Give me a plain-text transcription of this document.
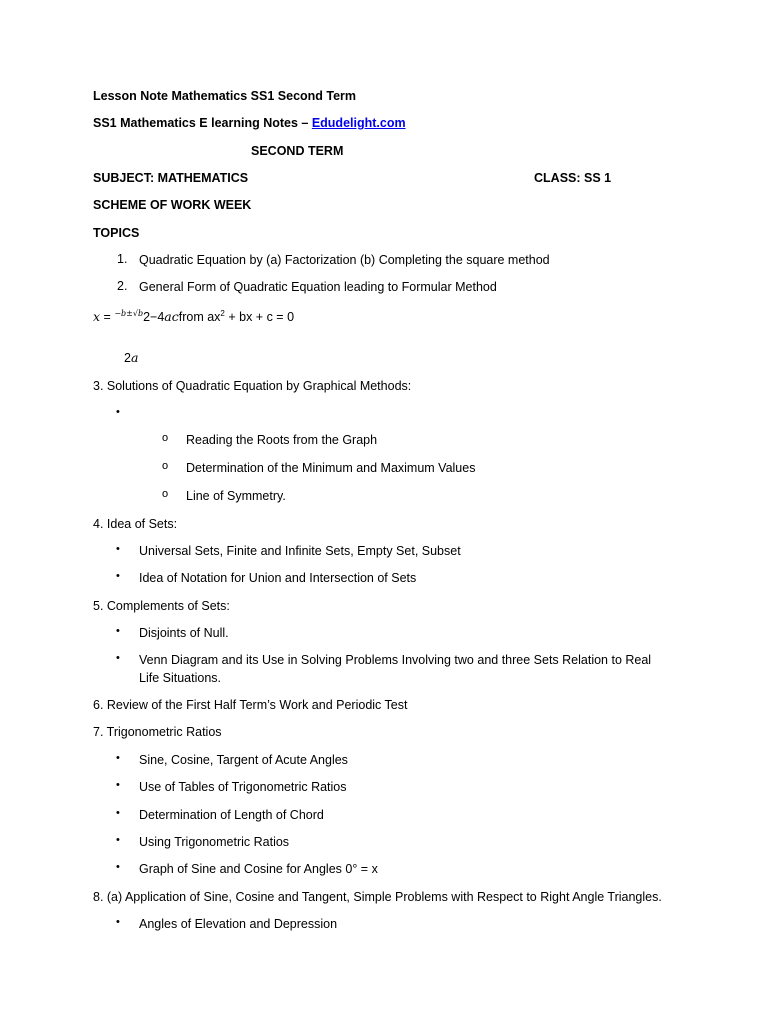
Lesson Note Mathematics SS1 Second Term
SS1 Mathematics E learning Notes – Edudelight.com
SECOND TERM
SUBJECT: MATHEMATICS	CLASS: SS 1
SCHEME OF WORK WEEK
TOPICS
1. Quadratic Equation by (a) Factorization (b) Completing the square method
2. General Form of Quadratic Equation leading to Formular Method
x = $^{-b\pm√b}$2−4acfrom $ax^2$ + bx + c = 0
2a
3. Solutions of Quadratic Equation by Graphical Methods:
•
o Reading the Roots from the Graph
o Determination of the Minimum and Maximum Values
o Line of Symmetry.
4. Idea of Sets:
• Universal Sets, Finite and Infinite Sets, Empty Set, Subset
• Idea of Notation for Union and Intersection of Sets
5. Complements of Sets:
• Disjoints of Null.
• Venn Diagram and its Use in Solving Problems Involving two and three Sets Relation to Real
Life Situations.
6. Review of the First Half Term’s Work and Periodic Test
7. Trigonometric Ratios
• Sine, Cosine, Targent of Acute Angles
• Use of Tables of Trigonometric Ratios
• Determination of Length of Chord
• Using Trigonometric Ratios
• Graph of Sine and Cosine for Angles 0° = x
8. (a) Application of Sine, Cosine and Tangent, Simple Problems with Respect to Right Angle Triangles.
• Angles of Elevation and Depression
